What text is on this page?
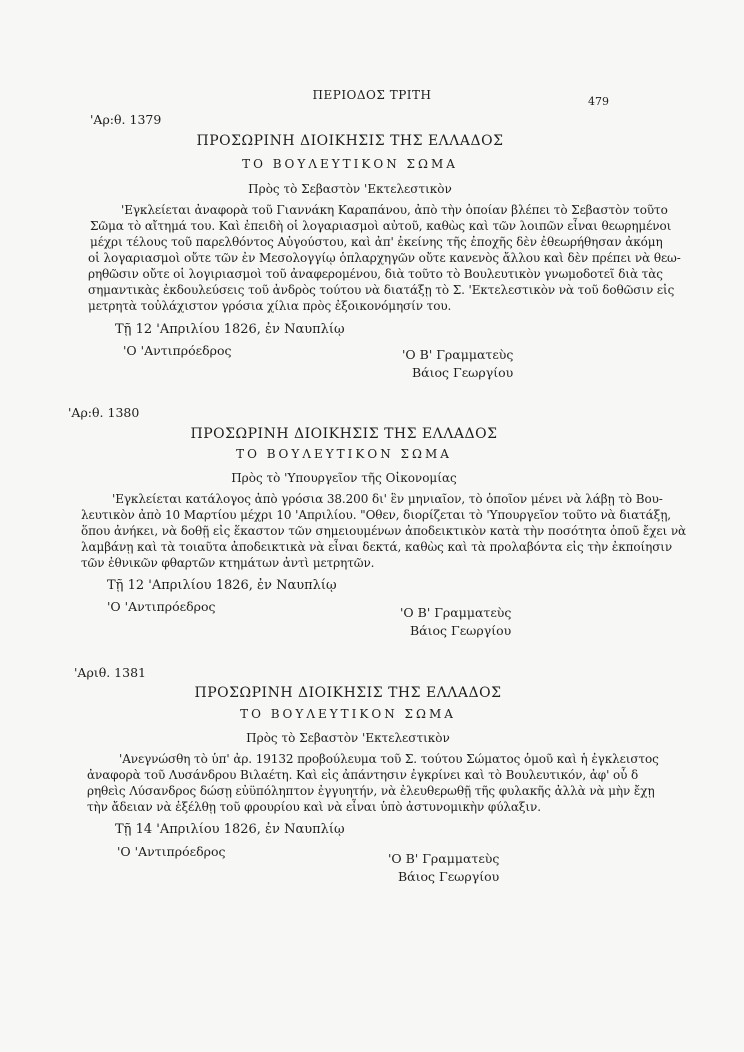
ΠΕΡΙΟΔΟΣ ΤΡΙΤΗ	479
'Αρ:θ. 1379
ΠΡΟΣΩΡΙΝΗ ΔΙΟΙΚΗΣΙΣ ΤΗΣ ΕΛΛΑΔΟΣ
ΤΟ ΒΟΥΛΕΥΤΙΚΟΝ ΣΩΜΑ
Πρὸς τὸ Σεβαστὸν 'Εκτελεστικὸν
'Εγκλείεται ἀναφορὰ τοῦ Γιαννάκη Καραπάνου, ἀπὸ τὴν ὁποίαν βλέπει τὸ Σεβαστὸν τοῦτο
Σῶμα τὸ αἴτημά του. Καὶ ἐπειδὴ οἱ λογαριασμοὶ αὐτοῦ, καθὼς καὶ τῶν λοιπῶν εἶναι θεωρημένοι
μέχρι τέλους τοῦ παρελθόντος Αὐγούστου, καὶ ἀπ' ἐκείνης τῆς ἐποχῆς δὲν ἐθεωρήθησαν ἀκόμη
οἱ λογαριασμοὶ οὔτε τῶν ἐν Μεσολογγίῳ ὁπλαρχηγῶν οὔτε κανενὸς ἄλλου καὶ δὲν πρέπει νὰ θεω-
ρηθῶσιν οὔτε οἱ λογιριασμοὶ τοῦ ἀναφερομένου, διὰ τοῦτο τὸ Βουλευτικὸν γνωμοδοτεῖ διὰ τὰς
σημαντικὰς ἐκδουλεύσεις τοῦ ἀνδρὸς τούτου νὰ διατάξῃ τὸ Σ. 'Εκτελεστικὸν νὰ τοῦ δοθῶσιν εἰς
μετρητὰ τοὐλάχιστον γρόσια χίλια πρὸς ἐξοικονόμησίν του.
Τῇ 12 'Απριλίου 1826, ἐν Ναυπλίῳ
'Ο 'Αντιπρόεδρος	'Ο Β' Γραμματεὺς
Βάιος Γεωργίου
'Αρ:θ. 1380
ΠΡΟΣΩΡΙΝΗ ΔΙΟΙΚΗΣΙΣ ΤΗΣ ΕΛΛΑΔΟΣ
ΤΟ ΒΟΥΛΕΥΤΙΚΟΝ ΣΩΜΑ
Πρὸς τὸ 'Υπουργεῖον τῆς Οἰκονομίας
'Εγκλείεται κατάλογος ἀπὸ γρόσια 38.200 δι' ἓν μηνιαῖον, τὸ ὁποῖον μένει νὰ λάβῃ τὸ Βου-
λευτικὸν ἀπὸ 10 Μαρτίου μέχρι 10 'Απριλίου. "Οθεν, διορίζεται τὸ 'Υπουργεῖον τοῦτο νὰ διατάξῃ,
ὅπου ἀνήκει, νὰ δοθῇ εἰς ἕκαστον τῶν σημειουμένων ἀποδεικτικὸν κατὰ τὴν ποσότητα ὁποῦ ἔχει νὰ
λαμβάνῃ καὶ τὰ τοιαῦτα ἀποδεικτικὰ νὰ εἶναι δεκτά, καθὼς καὶ τὰ προλαβόντα εἰς τὴν ἐκποίησιν
τῶν ἐθνικῶν φθαρτῶν κτημάτων ἀντὶ μετρητῶν.
Τῇ 12 'Απριλίου 1826, ἐν Ναυπλίῳ
'Ο 'Αντιπρόεδρος	'Ο Β' Γραμματεὺς
Βάιος Γεωργίου
'Αριθ. 1381
ΠΡΟΣΩΡΙΝΗ ΔΙΟΙΚΗΣΙΣ ΤΗΣ ΕΛΛΑΔΟΣ
ΤΟ ΒΟΥΛΕΥΤΙΚΟΝ ΣΩΜΑ
Πρὸς τὸ Σεβαστὸν 'Εκτελεστικὸν
'Ανεγνώσθη τὸ ὑπ' ἀρ. 19132 προβούλευμα τοῦ Σ. τούτου Σώματος ὁμοῦ καὶ ἡ ἐγκλειστος
ἀναφορὰ τοῦ Λυσάνδρου Βιλαέτη. Καὶ εἰς ἀπάντησιν ἐγκρίνει καὶ τὸ Βουλευτικόν, ἀφ' οὗ δ
ρηθεὶς Λύσανδρος δώσῃ εὐϋπόληπτον ἐγγυητήν, νὰ ἐλευθερωθῇ τῆς φυλακῆς ἀλλὰ νὰ μὴν ἔχῃ
τὴν ἄδειαν νὰ ἐξέλθῃ τοῦ φρουρίου καὶ νὰ εἶναι ὑπὸ ἀστυνομικὴν φύλαξιν.
Τῇ 14 'Απριλίου 1826, ἐν Ναυπλίῳ
'Ο 'Αντιπρόεδρος	'Ο Β' Γραμματεὺς
Βάιος Γεωργίου
